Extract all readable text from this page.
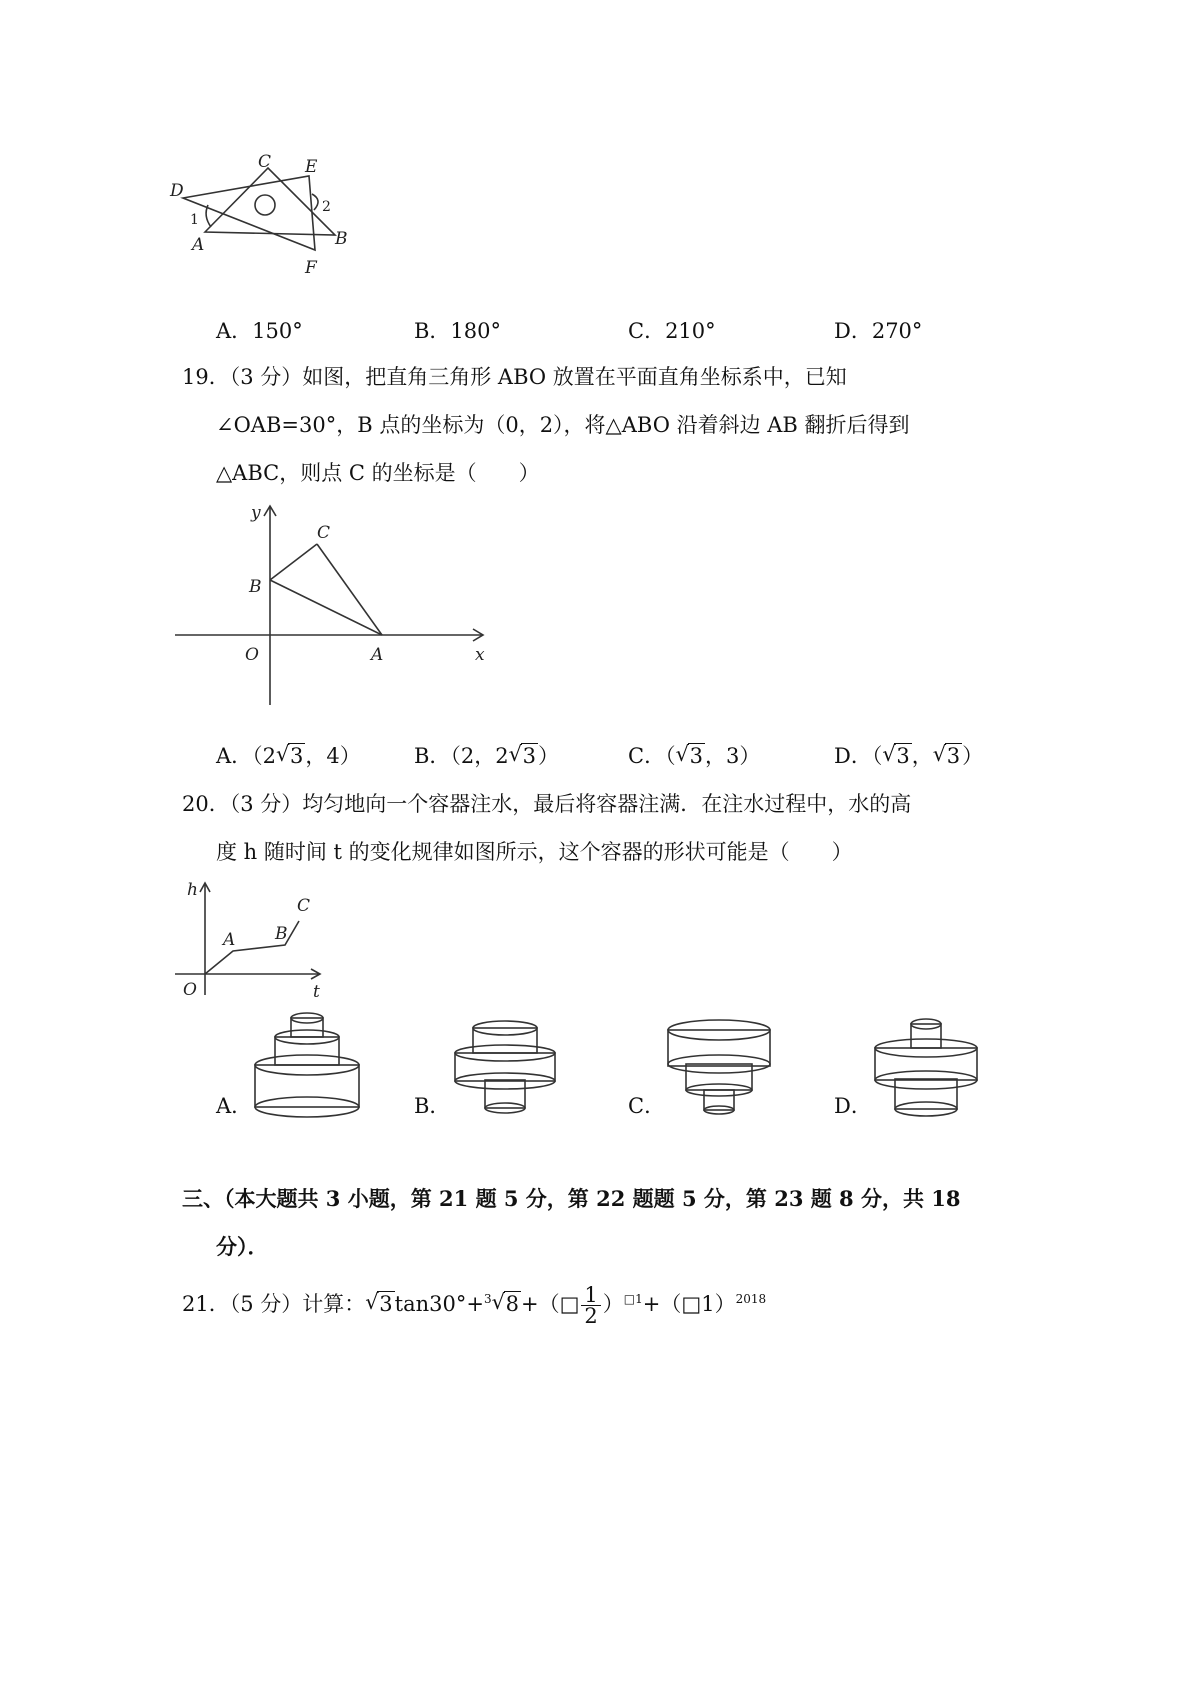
C E
D
A	B
F
1
2
A．150°	B．180°	C．210°	D．270°
19．（3 分）如图，把直角三角形 ABO 放置在平面直角坐标系中，已知
∠OAB=30°，B 点的坐标为（0，2），将△ABO 沿着斜边 AB 翻折后得到
△ABC，则点 C 的坐标是（　　）
y
x
O	A
B
C
A．（2 √ 3，4）	B．（2，2 √ 3）	C．（ √ 3，3）	D．（ √ 3， √ 3）
20．（3 分）均匀地向一个容器注水，最后将容器注满．在注水过程中，水的高
度 h 随时间 t 的变化规律如图所示，这个容器的形状可能是（　　）
h
t
O
A B
C
A．	B．	C．	D．
三、（本大题共 3 小题，第 21 题 5 分，第 22 题题 5 分，第 23 题 8 分，共 18
分）．
21．（5 分）计算： √ 3tan30°+$^3$ √ 8+（□ $\frac{1}{2}$ ）$^{□1}$+（□1）$^{2018}$
